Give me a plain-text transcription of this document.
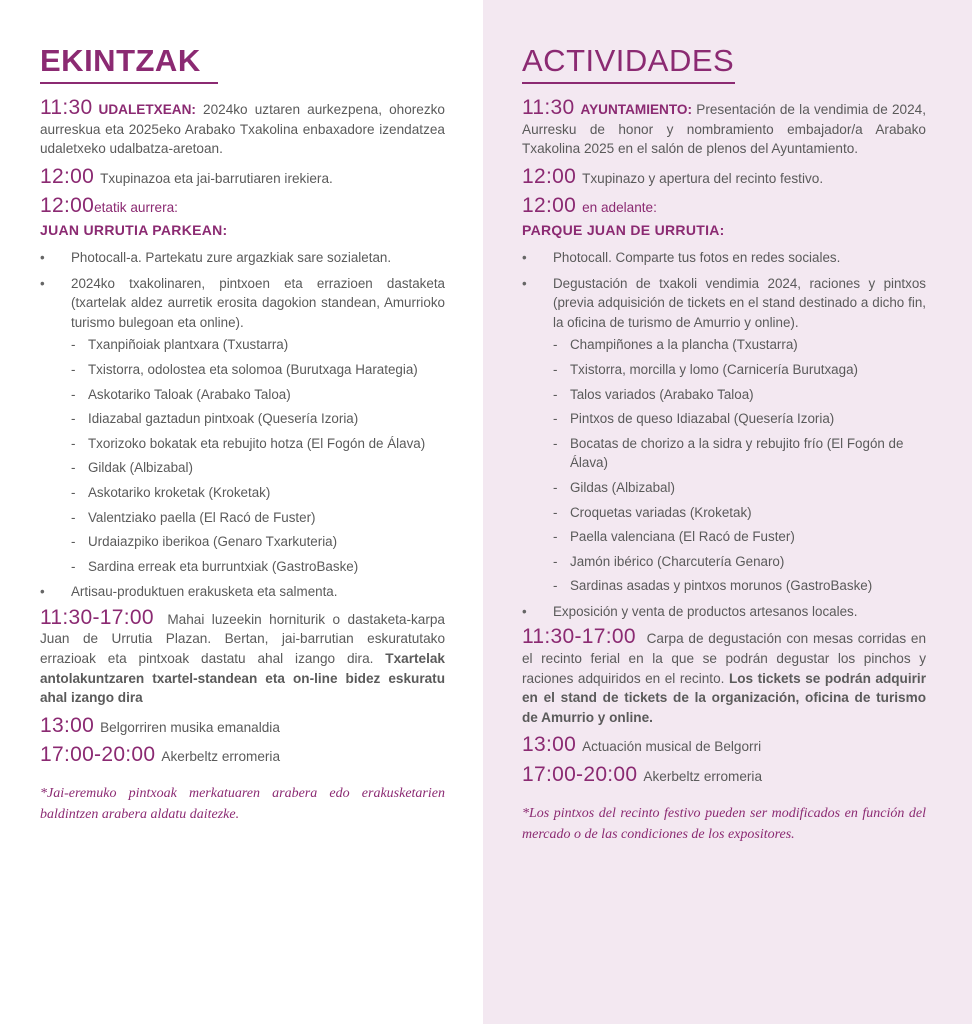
EKINTZAK

11:30 UDALETXEAN: 2024ko uztaren aurkezpena, ohorezko aurreskua eta 2025eko Arabako Txakolina enbaxadore izendatzea udaletxeko udalbatza-aretoan.

12:00 Txupinazoa eta jai-barrutiaren irekiera.

12:00etatik aurrera:

JUAN URRUTIA PARKEAN:

• Photocall-a. Partekatu zure argazkiak sare sozialetan.
• 2024ko txakolinaren, pintxoen eta errazioen dastaketa (txartelak aldez aurretik erosita dagokion standean, Amurrioko turismo bulegoan eta online).
- Txanpiñoiak plantxara (Txustarra)
- Txistorra, odolostea eta solomoa (Burutxaga Harategia)
- Askotariko Taloak (Arabako Taloa)
- Idiazabal gaztadun pintxoak (Quesería Izoria)
- Txorizoko bokatak eta rebujito hotza (El Fogón de Álava)
- Gildak (Albizabal)
- Askotariko kroketak (Kroketak)
- Valentziako paella (El Racó de Fuster)
- Urdaiazpiko iberikoa (Genaro Txarkuteria)
- Sardina erreak eta burruntxiak (GastroBaske)
• Artisau-produktuen erakusketa eta salmenta.

11:30-17:00 Mahai luzeekin horniturik o dastaketa-karpa Juan de Urrutia Plazan. Bertan, jai-barrutian eskuratutako errazioak eta pintxoak dastatu ahal izango dira. Txartelak antolakuntzaren txartel-standean eta on-line bidez eskuratu ahal izango dira

13:00 Belgorriren musika emanaldia

17:00-20:00 Akerbeltz erromeria

*Jai-eremuko pintxoak merkatuaren arabera edo erakusketarien baldintzen arabera aldatu daitezke.

ACTIVIDADES

11:30 AYUNTAMIENTO: Presentación de la vendimia de 2024, Aurresku de honor y nombramiento embajador/a Arabako Txakolina 2025 en el salón de plenos del Ayuntamiento.

12:00 Txupinazo y apertura del recinto festivo.

12:00 en adelante:

PARQUE JUAN DE URRUTIA:

• Photocall. Comparte tus fotos en redes sociales.
• Degustación de txakoli vendimia 2024, raciones y pintxos (previa adquisición de tickets en el stand destinado a dicho fin, la oficina de turismo de Amurrio y online).
- Champiñones a la plancha (Txustarra)
- Txistorra, morcilla y lomo (Carnicería Burutxaga)
- Talos variados (Arabako Taloa)
- Pintxos de queso Idiazabal (Quesería Izoria)
- Bocatas de chorizo a la sidra y rebujito frío (El Fogón de Álava)
- Gildas (Albizabal)
- Croquetas variadas (Kroketak)
- Paella valenciana (El Racó de Fuster)
- Jamón ibérico (Charcutería Genaro)
- Sardinas asadas y pintxos morunos (GastroBaske)
• Exposición y venta de productos artesanos locales.

11:30-17:00 Carpa de degustación con mesas corridas en el recinto ferial en la que se podrán degustar los pinchos y raciones adquiridos en el recinto. Los tickets se podrán adquirir en el stand de tickets de la organización, oficina de turismo de Amurrio y online.

13:00 Actuación musical de Belgorri

17:00-20:00 Akerbeltz erromeria

*Los pintxos del recinto festivo pueden ser modificados en función del mercado o de las condiciones de los expositores.
